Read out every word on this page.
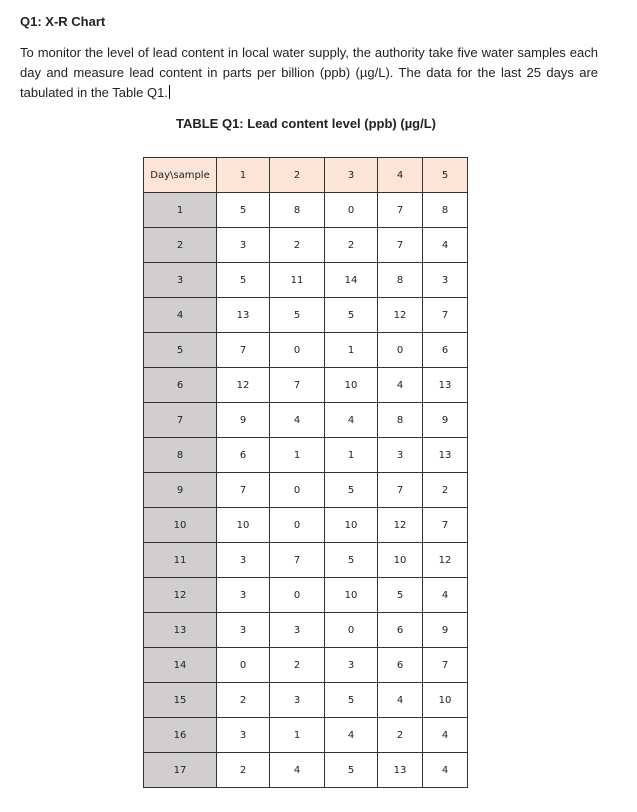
Q1: X-R Chart
To monitor the level of lead content in local water supply, the authority take five water samples each day and measure lead content in parts per billion (ppb) (µg/L). The data for the last 25 days are tabulated in the Table Q1.
TABLE Q1: Lead content level (ppb) (µg/L)
Day\sample	1	2	3	4	5
1	5	8	0	7	8
2	3	2	2	7	4
3	5	11	14	8	3
4	13	5	5	12	7
5	7	0	1	0	6
6	12	7	10	4	13
7	9	4	4	8	9
8	6	1	1	3	13
9	7	0	5	7	2
10	10	0	10	12	7
11	3	7	5	10	12
12	3	0	10	5	4
13	3	3	0	6	9
14	0	2	3	6	7
15	2	3	5	4	10
16	3	1	4	2	4
17	2	4	5	13	4
